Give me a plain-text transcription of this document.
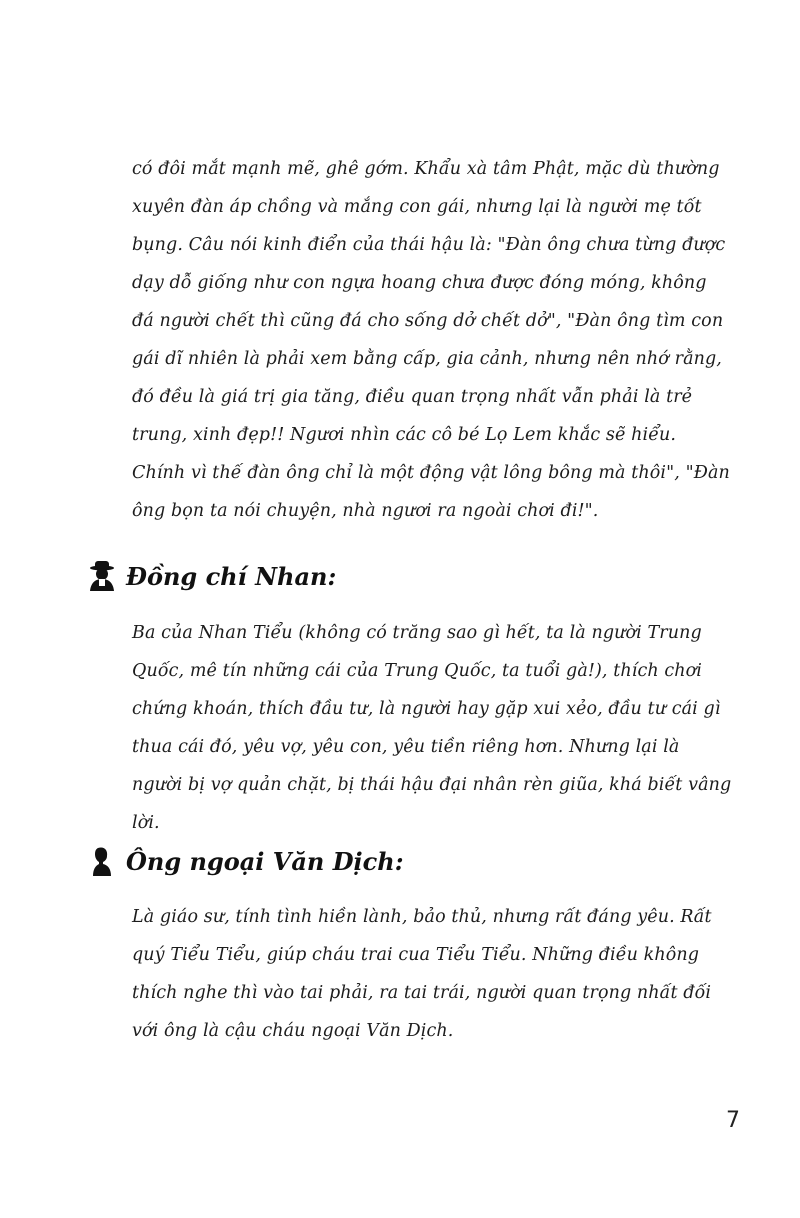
có đôi mắt mạnh mẽ, ghê gớm. Khẩu xà tâm Phật, mặc dù thường xuyên đàn áp chồng và mắng con gái, nhưng lại là người mẹ tốt bụng. Câu nói kinh điển của thái hậu là: "Đàn ông chưa từng được dạy dỗ giống như con ngựa hoang chưa được đóng móng, không đá người chết thì cũng đá cho sống dở chết dở", "Đàn ông tìm con gái dĩ nhiên là phải xem bằng cấp, gia cảnh, nhưng nên nhớ rằng, đó đều là giá trị gia tăng, điều quan trọng nhất vẫn phải là trẻ trung, xinh đẹp!! Ngươi nhìn các cô bé Lọ Lem khắc sẽ hiểu. Chính vì thế đàn ông chỉ là một động vật lông bông mà thôi", "Đàn ông bọn ta nói chuyện, nhà ngươi ra ngoài chơi đi!".

Đồng chí Nhan:

Ba của Nhan Tiểu (không có trăng sao gì hết, ta là người Trung Quốc, mê tín những cái của Trung Quốc, ta tuổi gà!), thích chơi chứng khoán, thích đầu tư, là người hay gặp xui xẻo, đầu tư cái gì thua cái đó, yêu vợ, yêu con, yêu tiền riêng hơn. Nhưng lại là người bị vợ quản chặt, bị thái hậu đại nhân rèn giũa, khá biết vâng lời.

Ông ngoại Văn Dịch:

Là giáo sư, tính tình hiền lành, bảo thủ, nhưng rất đáng yêu. Rất quý Tiểu Tiểu, giúp cháu trai cua Tiểu Tiểu. Những điều không thích nghe thì vào tai phải, ra tai trái, người quan trọng nhất đối với ông là cậu cháu ngoại Văn Dịch.

7
